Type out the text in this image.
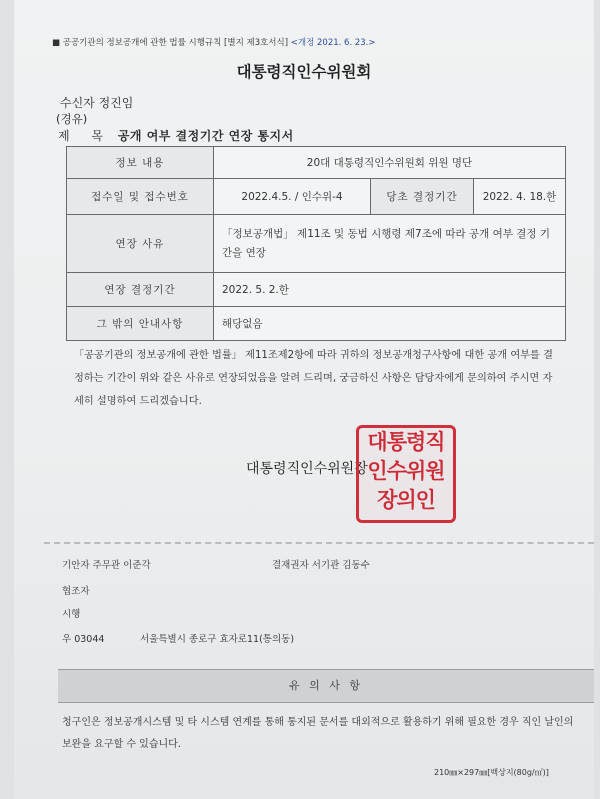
■ 공공기관의 정보공개에 관한 법률 시행규칙 [별지 제3호서식] <개정 2021. 6. 23.>
대통령직인수위원회
수신자 정진임
(경유)
제 목 공개 여부 결정기간 연장 통지서
정보 내용	20대 대통령직인수위원회 위원 명단		
접수일 및 접수번호	2022.4.5. / 인수위-4	당초 결정기간	2022. 4. 18.한
연장 사유	「정보공개법」 제11조 및 동법 시행령 제7조에 따라 공개 여부 결정 기간을 연장		
연장 결정기간	2022. 5. 2.한		
그 밖의 안내사항	해당없음		
「공공기관의 정보공개에 관한 법률」 제11조제2항에 따라 귀하의 정보공개청구사항에 대한 공개 여부를 결정하는 기간이 위와 같은 사유로 연장되었음을 알려 드리며, 궁금하신 사항은 담당자에게 문의하여 주시면 자세히 설명하여 드리겠습니다.
대통령직인수위원장
대통령직
인수위원
장의인
기안자 주무관 이준각	결재권자 서기관 김동수
협조자
시행
우 03044	서울특별시 종로구 효자로11(통의동)
유 의 사 항
청구인은 정보공개시스템 및 타 시스템 연계를 통해 통지된 문서를 대외적으로 활용하기 위해 필요한 경우 직인 날인의 보완을 요구할 수 있습니다.
210㎜×297㎜[백상지(80g/㎡)]
